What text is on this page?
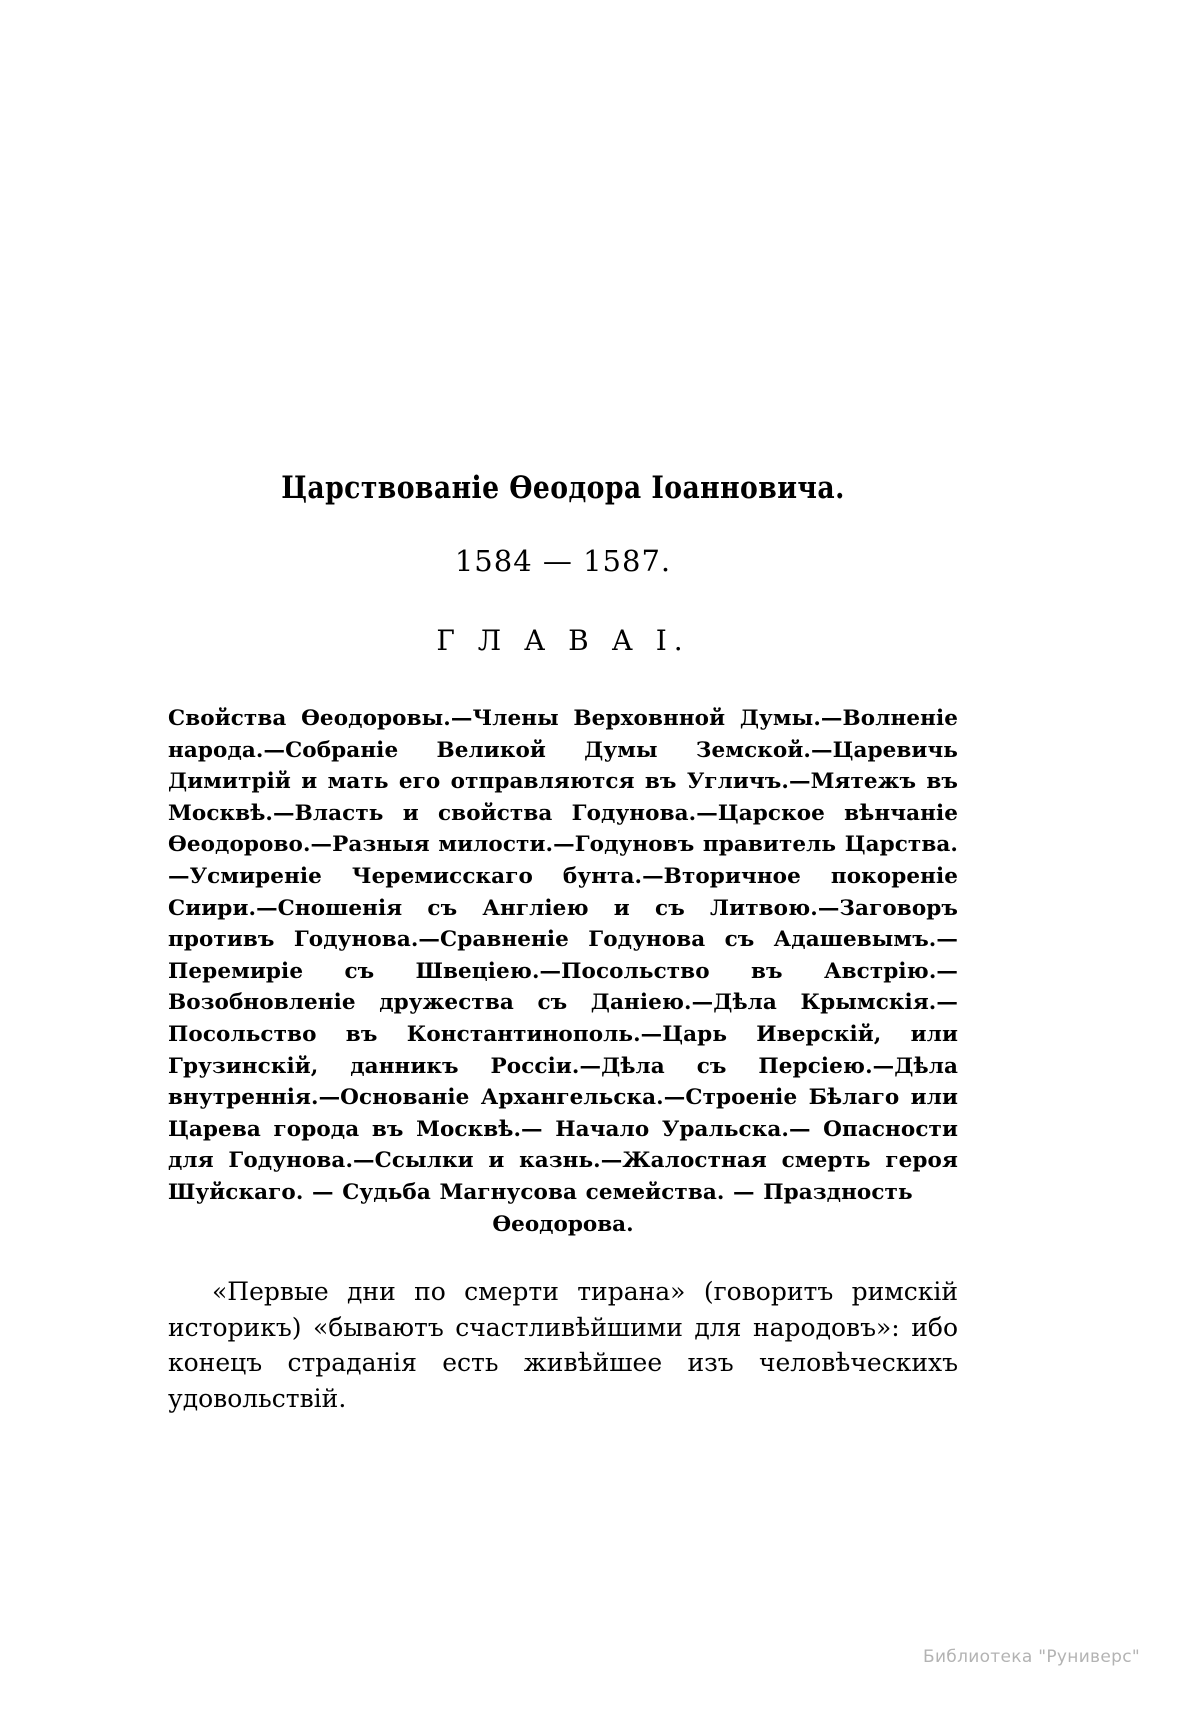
Царствованіе Өеодора Іоанновича.
1584 — 1587.
Г Л А В А I.
Свойства Өеодоровы.—Члены Верховнной Думы.—Волненіе народа.—Собраніе Великой Думы Земской.—Царевичь Димитрій и мать его отправляются въ Угличъ.—Мятежъ въ Москвѣ.—Власть и свойства Годунова.—Царское вѣнчаніе Өеодорово.—Разныя милости.—Годуновъ правитель Царства.—Усмиреніе Черемисскаго бунта.—Вторичное покореніе Сиири.—Сношенія съ Англіею и съ Литвою.—Заговоръ противъ Годунова.—Сравненіе Годунова съ Адашевымъ.—Перемиріе съ Швеціею.—Посольство въ Австрію.—Возобновленіе дружества съ Даніею.—Дѣла Крымскія.—Посольство въ Константинополь.—Царь Иверскій, или Грузинскій, данникъ Россіи.—Дѣла съ Персіею.—Дѣла внутреннія.—Основаніе Архангельска.—Строеніе Бѣлаго или Царева города въ Москвѣ.— Начало Уральска.— Опасности для Годунова.—Ссылки и казнь.—Жалостная смерть героя Шуйскаго. — Судьба Магнусова семейства. — Праздность
Өеодорова.

«Первые дни по смерти тирана» (говоритъ римскій историкъ) «бываютъ счастливѣйшими для народовъ»: ибо конецъ страданія есть живѣйшее изъ человѣческихъ удовольствій.

Библиотека "Руниверс"
